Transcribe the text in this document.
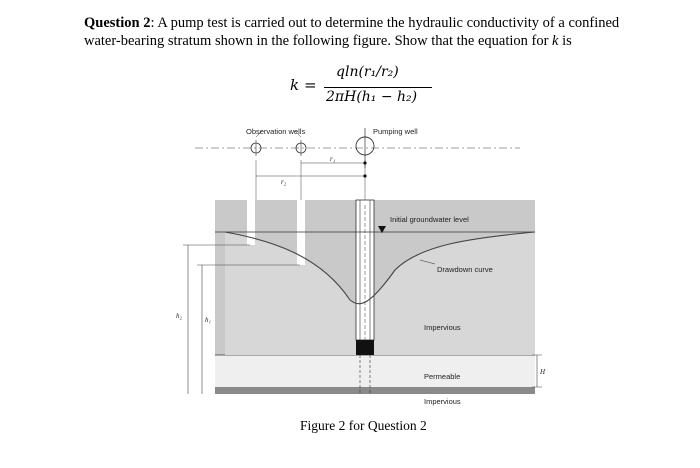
Question 2: A pump test is carried out to determine the hydraulic conductivity of a confined water-bearing stratum shown in the following figure. Show that the equation for k is
k =
qln(r₁/r₂)
2πH(h₁ − h₂)
Observation wells	Pumping well
r₁
r₂
h₂	h₁
H
Initial groundwater level
Drawdown curve
Impervious
Permeable
Impervious
Figure 2 for Question 2
